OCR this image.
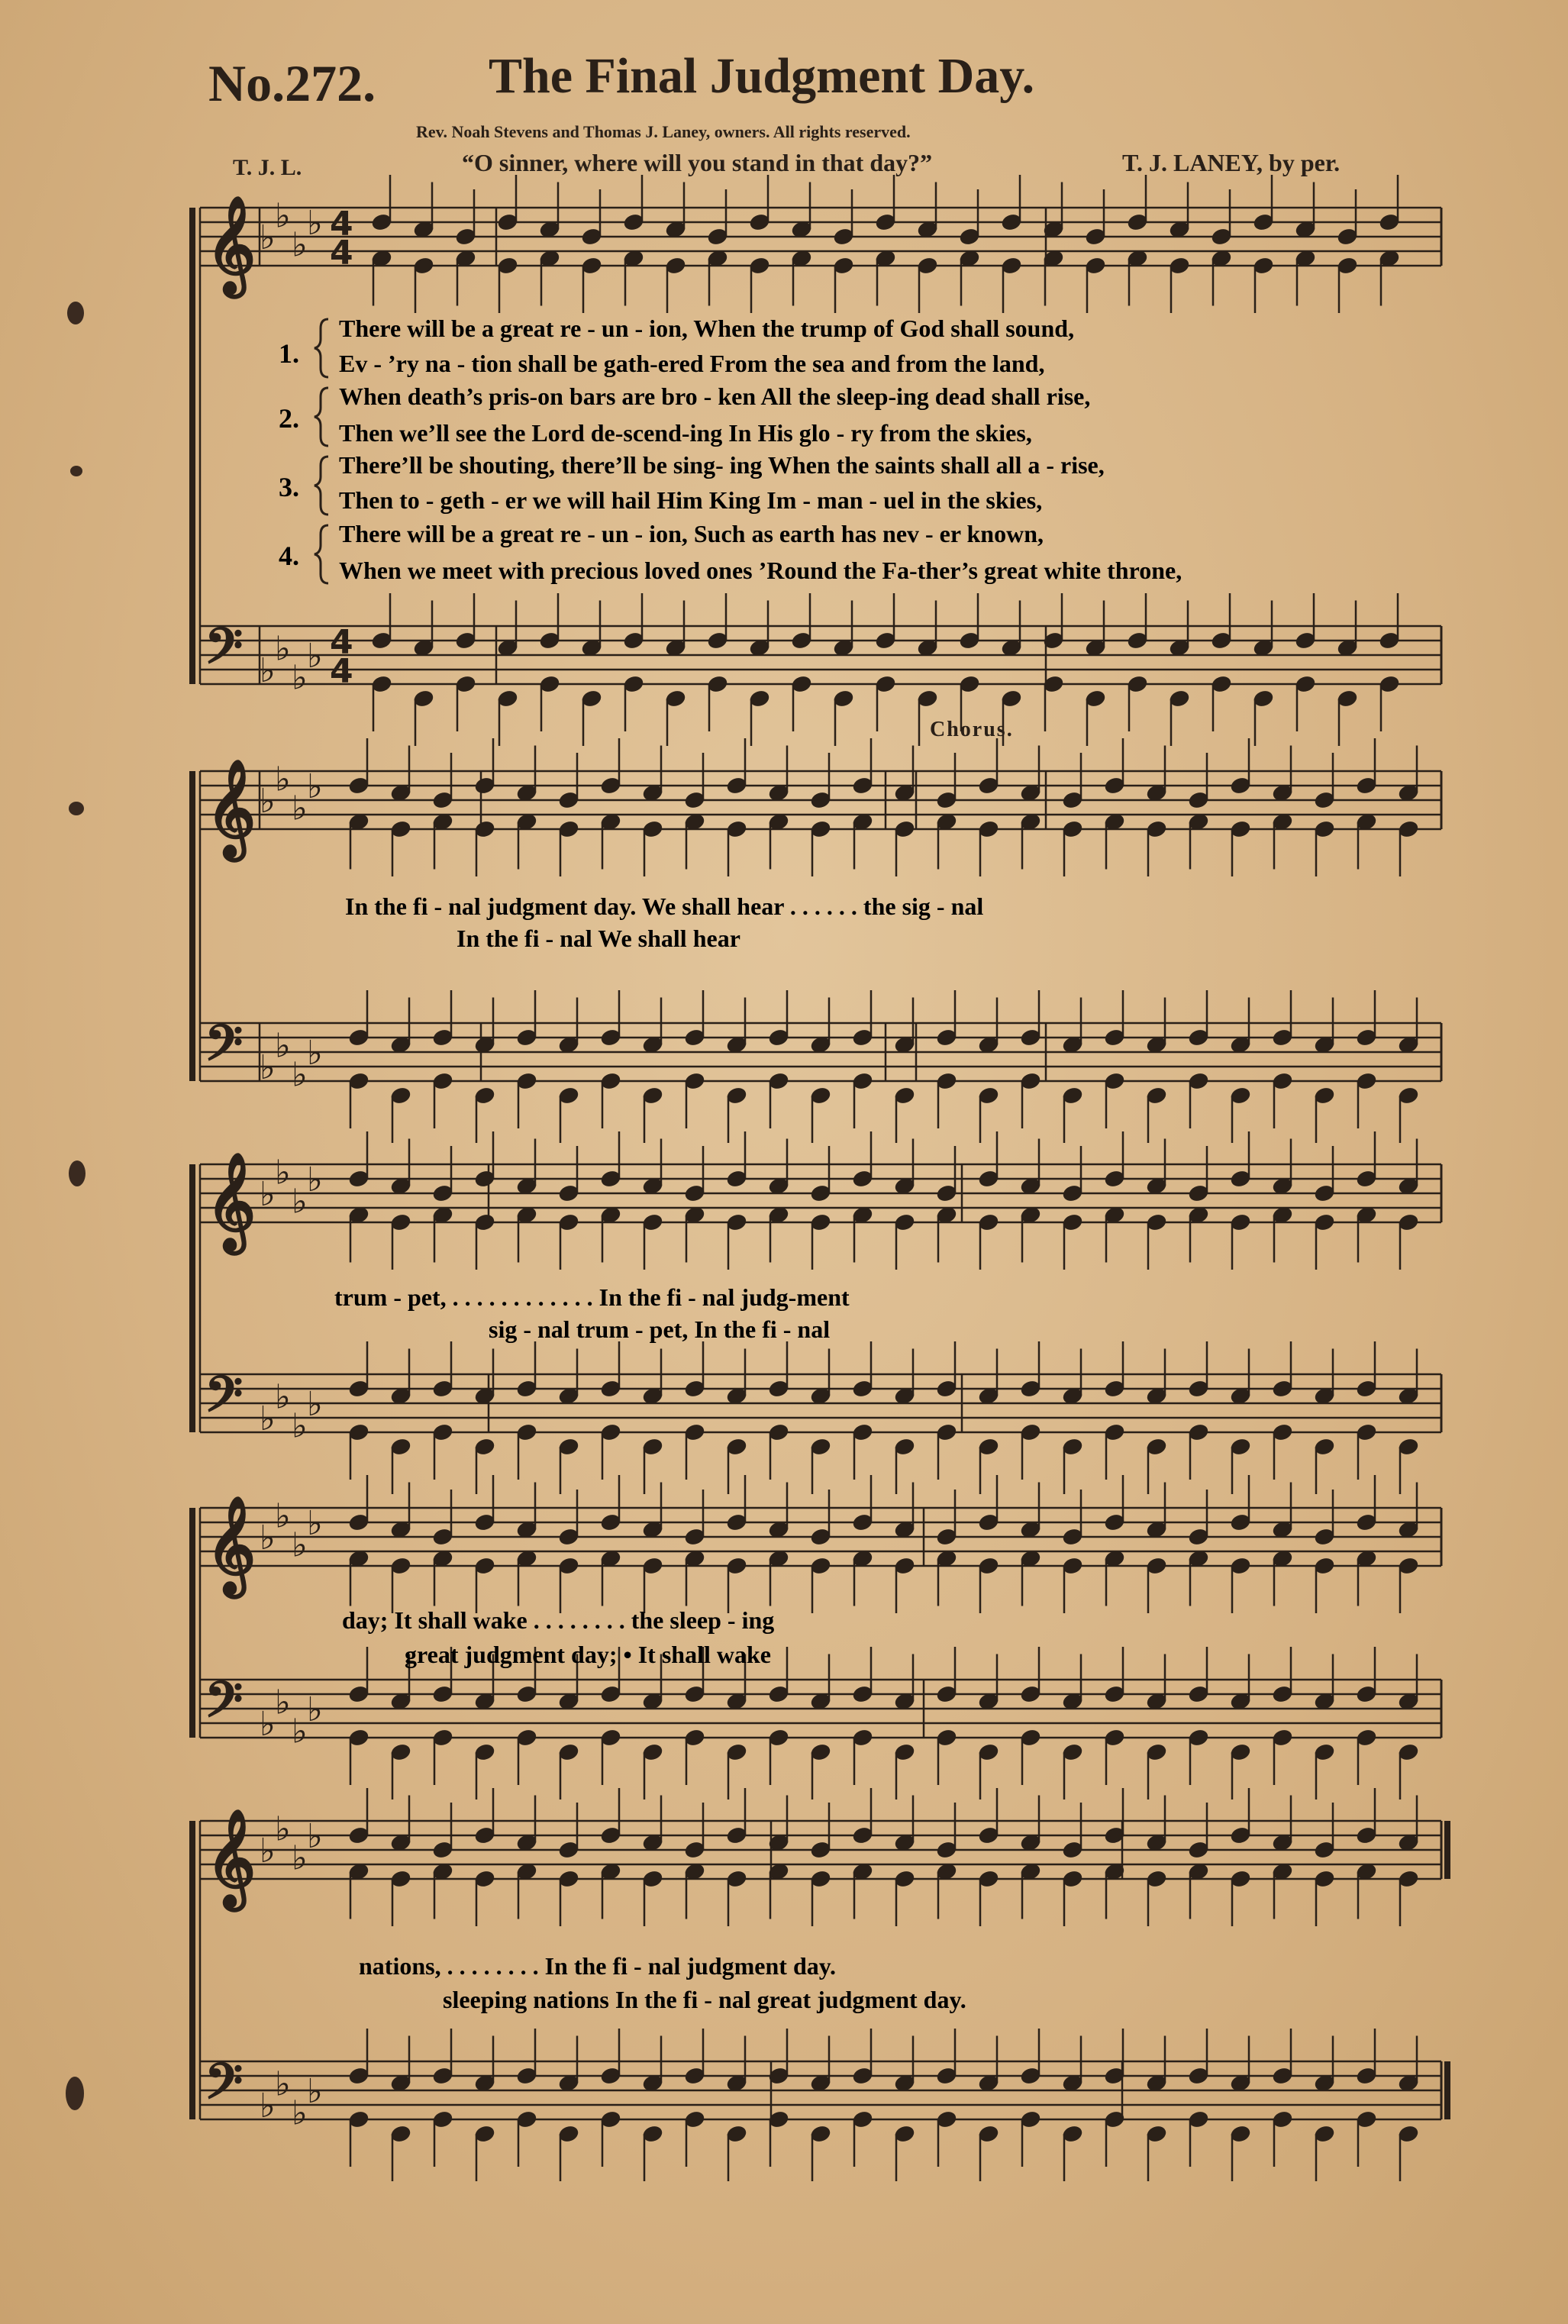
No.272. The Final Judgment Day.
Rev. Noah Stevens and Thomas J. Laney, owners. All rights reserved.
T. J. L.	“O sinner, where will you stand in that day?”	T. J. LANEY, by per.
Chorus.
𝄞
𝄢
♭
♭
♭
♭
♭
♭
♭
♭
4
4
4
4
𝄞
𝄢
♭
♭
♭
♭
♭
♭
♭
♭
𝄞
𝄢
♭
♭
♭
♭
♭
♭
♭
♭
𝄞
𝄢
♭
♭
♭
♭
♭
♭
♭
♭
𝄞
𝄢
♭
♭
♭
♭
♭
♭
♭
♭
1.
There will be a great re - un - ion, When the trump of God shall sound,
Ev - ’ry na - tion shall be gath-ered From the sea and from the land,
2.
When death’s pris-on bars are bro - ken All the sleep-ing dead shall rise,
Then we’ll see the Lord de-scend-ing In His glo - ry from the skies,
3.
There’ll be shouting, there’ll be sing- ing When the saints shall all a - rise,
Then to - geth - er we will hail Him King Im - man - uel in the skies,
4.
There will be a great re - un - ion, Such as earth has nev - er known,
When we meet with precious loved ones ’Round the Fa-ther’s great white throne,
In the fi - nal judgment day. We shall hear . . . . . . the sig - nal
In the fi - nal We shall hear
trum - pet, . . . . . . . . . . . . In the fi - nal judg-ment
sig - nal trum - pet, In the fi - nal
day; It shall wake . . . . . . . . the sleep - ing
great judgment day; • It shall wake
nations, . . . . . . . . In the fi - nal judgment day.
sleeping nations In the fi - nal great judgment day.
